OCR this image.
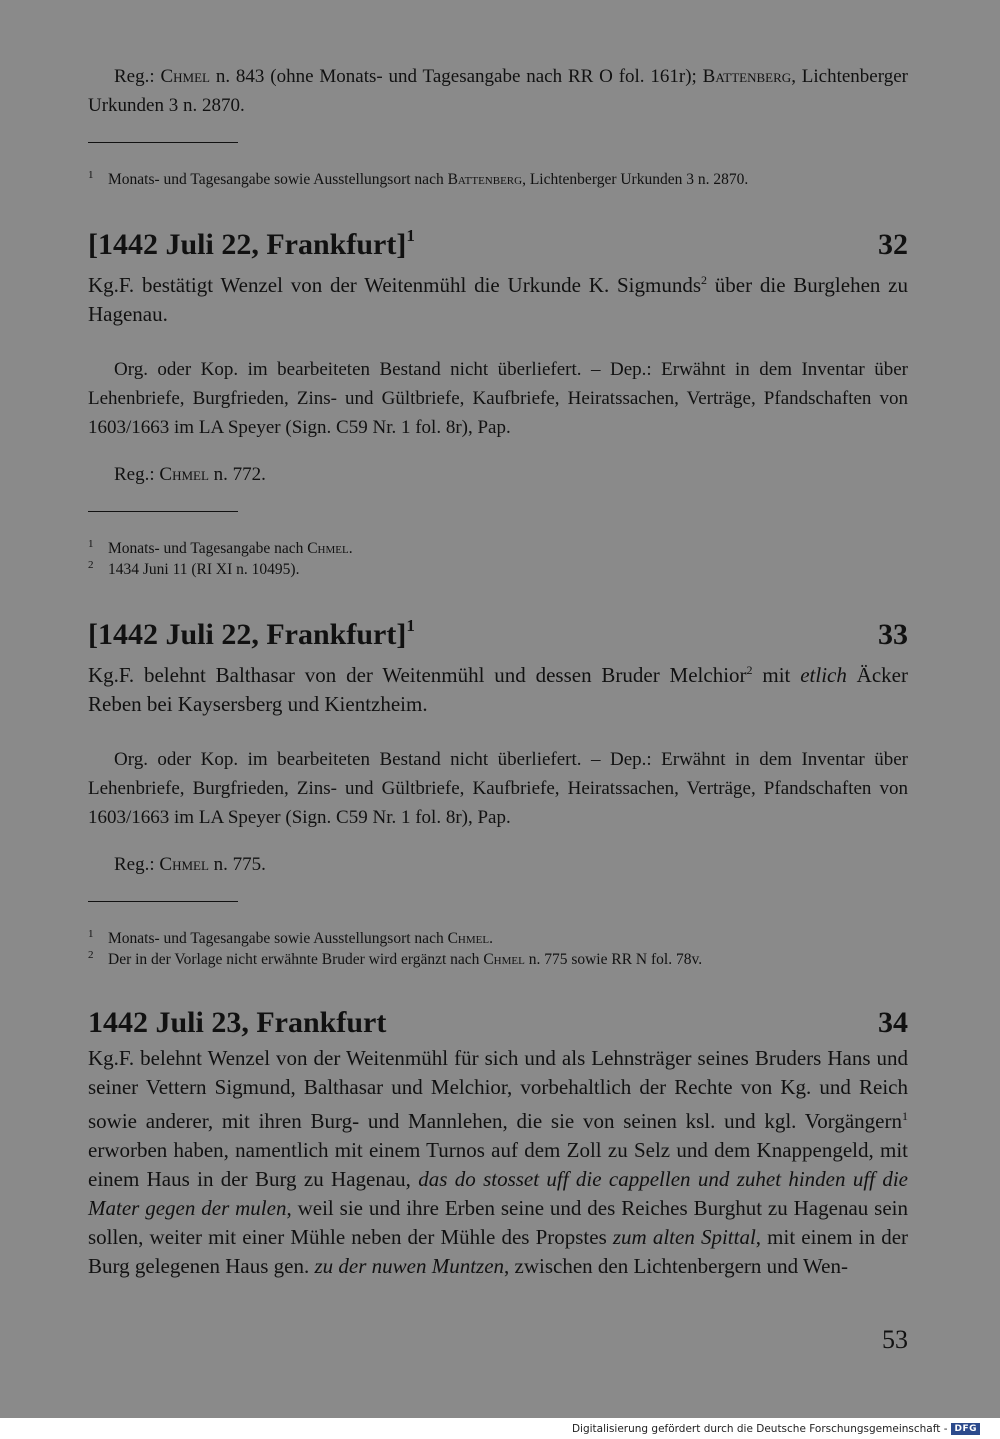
Reg.: Chmel n. 843 (ohne Monats- und Tagesangabe nach RR O fol. 161r); Battenberg, Lichtenberger Urkunden 3 n. 2870.

1 Monats- und Tagesangabe sowie Ausstellungsort nach Battenberg, Lichtenberger Urkunden 3 n. 2870.

[1442 Juli 22, Frankfurt]$^1$	32

Kg.F. bestätigt Wenzel von der Weitenmühl die Urkunde K. Sigmunds$^2$ über die Burglehen zu Hagenau.

Org. oder Kop. im bearbeiteten Bestand nicht überliefert. – Dep.: Erwähnt in dem Inventar über Lehenbriefe, Burgfrieden, Zins- und Gültbriefe, Kaufbriefe, Heiratssachen, Verträge, Pfandschaften von 1603/1663 im LA Speyer (Sign. C59 Nr. 1 fol. 8r), Pap.

Reg.: Chmel n. 772.

1 Monats- und Tagesangabe nach Chmel.

2 1434 Juni 11 (RI XI n. 10495).

[1442 Juli 22, Frankfurt]$^1$	33

Kg.F. belehnt Balthasar von der Weitenmühl und dessen Bruder Melchior$^2$ mit etlich Äcker Reben bei Kaysersberg und Kientzheim.

Org. oder Kop. im bearbeiteten Bestand nicht überliefert. – Dep.: Erwähnt in dem Inventar über Lehenbriefe, Burgfrieden, Zins- und Gültbriefe, Kaufbriefe, Heiratssachen, Verträge, Pfandschaften von 1603/1663 im LA Speyer (Sign. C59 Nr. 1 fol. 8r), Pap.

Reg.: Chmel n. 775.

1 Monats- und Tagesangabe sowie Ausstellungsort nach Chmel.

2 Der in der Vorlage nicht erwähnte Bruder wird ergänzt nach Chmel n. 775 sowie RR N fol. 78v.

1442 Juli 23, Frankfurt	34

Kg.F. belehnt Wenzel von der Weitenmühl für sich und als Lehnsträger seines Bruders Hans und seiner Vettern Sigmund, Balthasar und Melchior, vorbehaltlich der Rechte von Kg. und Reich sowie anderer, mit ihren Burg- und Mannlehen, die sie von seinen ksl. und kgl. Vorgängern$^1$ erworben haben, namentlich mit einem Turnos auf dem Zoll zu Selz und dem Knappengeld, mit einem Haus in der Burg zu Hagenau, das do stosset uff die cappellen und zuhet hinden uff die Mater gegen der mulen, weil sie und ihre Erben seine und des Reiches Burghut zu Hagenau sein sollen, weiter mit einer Mühle neben der Mühle des Propstes zum alten Spittal, mit einem in der Burg gelegenen Haus gen. zu der nuwen Muntzen, zwischen den Lichtenbergern und Wen-

53
Digitalisierung gefördert durch die Deutsche Forschungsgemeinschaft - DFG
